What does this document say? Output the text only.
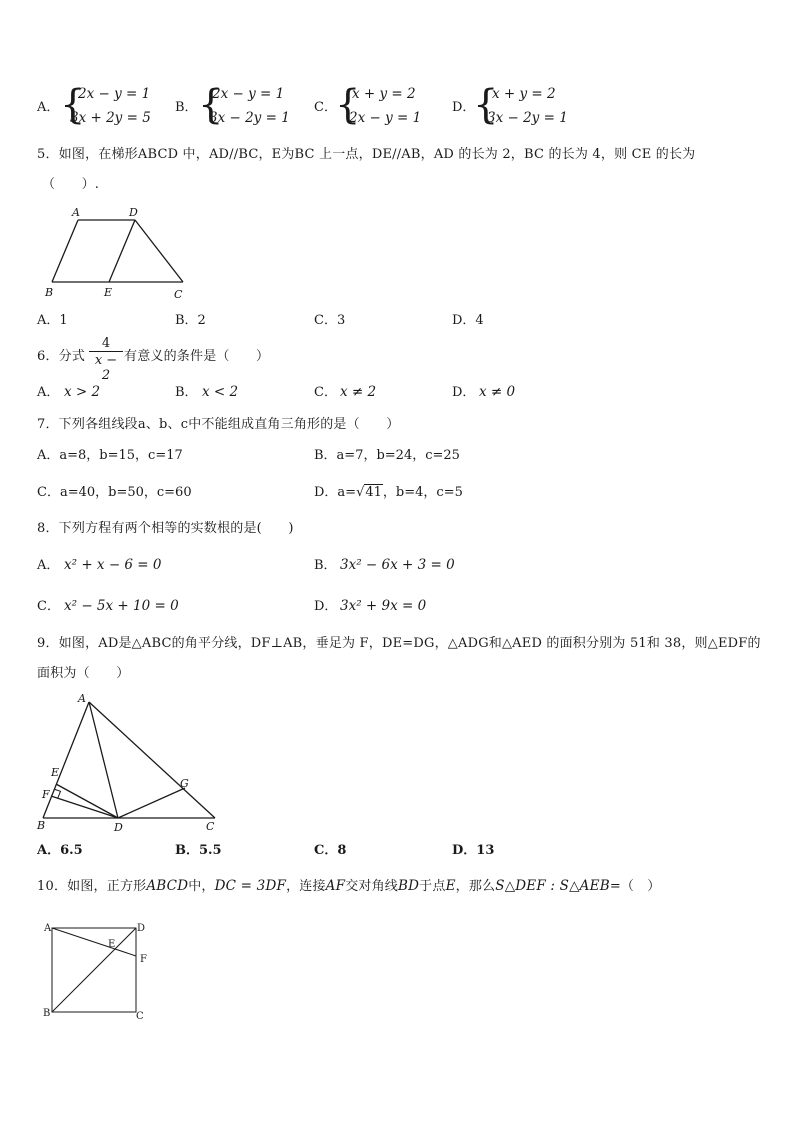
A． {
2x − y = 1
3x + 2y = 5
B． {
2x − y = 1
3x − 2y = 1
C．
{
x + y = 2
2x − y = 1
D．
{
x + y = 2
3x − 2y = 1
5．如图，在梯形ABCD 中，AD//BC，E为BC 上一点，DE//AB，AD 的长为 2，BC 的长为 4，则 CE 的长为
（　　）.
A	D
B	E	C
A．1	B．2	C．3	D．4
6．分式 $\frac{4}{x - 2}$ 有意义的条件是（　　）
A． x > 2	B． x < 2	C． x ≠ 2	D． x ≠ 0
7．下列各组线段a、b、c中不能组成直角三角形的是（　　）
A．a=8，b=15，c=17	B．a=7，b=24，c=25
C．a=40，b=50，c=60	D．a=√41，b=4，c=5
8．下列方程有两个相等的实数根的是(　　)
A． x² + x − 6 = 0	B． 3x² − 6x + 3 = 0
C． x² − 5x + 10 = 0	D． 3x² + 9x = 0
9．如图，AD是△ABC的角平分线，DF⊥AB，垂足为 F，DE=DG，△ADG和△AED 的面积分别为 51和 38，则△EDF的
面积为（　　）
A
E
F
B	D
G
C
A．6.5	B．5.5	C．8	D．13
10．如图，正方形ABCD中，DC = 3DF，连接AF交对角线BD于点E，那么S△DEF : S△AEB=（　）
A	D
E
F
B	C
